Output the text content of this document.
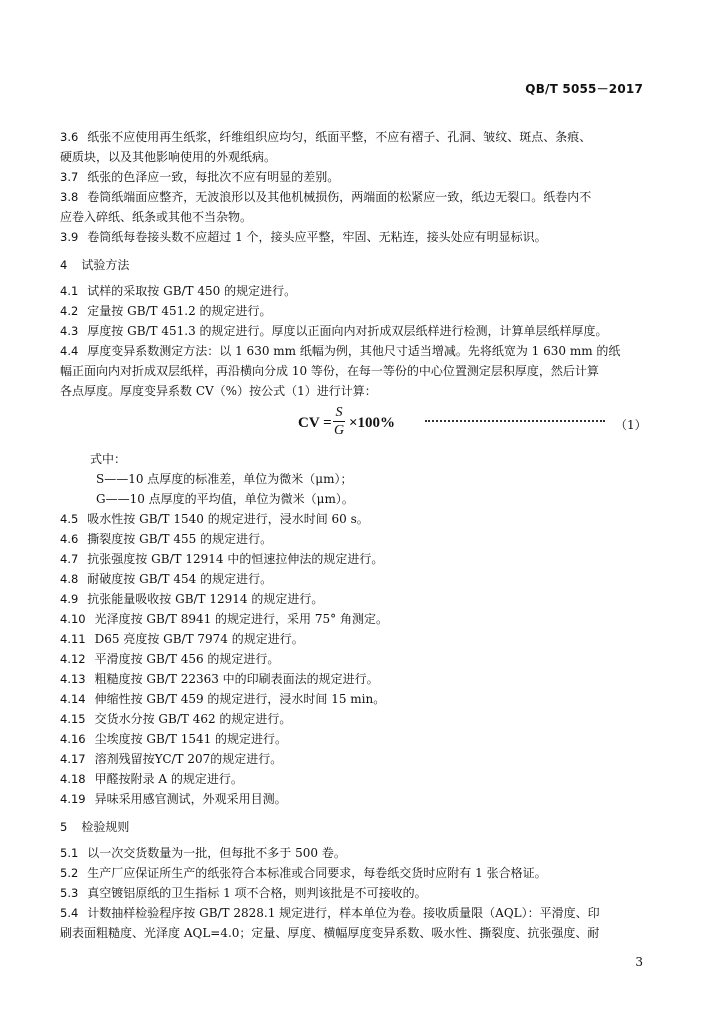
QB/T 5055－2017

3.6 纸张不应使用再生纸浆，纤维组织应均匀，纸面平整，不应有褶子、孔洞、皱纹、斑点、条痕、

硬质块，以及其他影响使用的外观纸病。

3.7 纸张的色泽应一致，每批次不应有明显的差别。

3.8 卷筒纸端面应整齐，无波浪形以及其他机械损伤，两端面的松紧应一致，纸边无裂口。纸卷内不

应卷入碎纸、纸条或其他不当杂物。

3.9 卷筒纸每卷接头数不应超过 1 个，接头应平整，牢固、无粘连，接头处应有明显标识。

4 试验方法

4.1 试样的采取按 GB/T 450 的规定进行。

4.2 定量按 GB/T 451.2 的规定进行。

4.3 厚度按 GB/T 451.3 的规定进行。厚度以正面向内对折成双层纸样进行检测，计算单层纸样厚度。

4.4 厚度变异系数测定方法：以 1 630 mm 纸幅为例，其他尺寸适当增减。先将纸宽为 1 630 mm 的纸

幅正面向内对折成双层纸样，再沿横向分成 10 等份，在每一等份的中心位置测定层积厚度，然后计算

各点厚度。厚度变异系数 CV（%）按公式（1）进行计算：

CV =
S
G ×100%	（1）

式中：

S——10 点厚度的标准差，单位为微米（μm）；

G——10 点厚度的平均值，单位为微米（μm）。

4.5 吸水性按 GB/T 1540 的规定进行，浸水时间 60 s。

4.6 撕裂度按 GB/T 455 的规定进行。

4.7 抗张强度按 GB/T 12914 中的恒速拉伸法的规定进行。

4.8 耐破度按 GB/T 454 的规定进行。

4.9 抗张能量吸收按 GB/T 12914 的规定进行。

4.10 光泽度按 GB/T 8941 的规定进行，采用 75° 角测定。

4.11 D65 亮度按 GB/T 7974 的规定进行。

4.12 平滑度按 GB/T 456 的规定进行。

4.13 粗糙度按 GB/T 22363 中的印刷表面法的规定进行。

4.14 伸缩性按 GB/T 459 的规定进行，浸水时间 15 min。

4.15 交货水分按 GB/T 462 的规定进行。

4.16 尘埃度按 GB/T 1541 的规定进行。

4.17 溶剂残留按YC/T 207的规定进行。

4.18 甲醛按附录 A 的规定进行。

4.19 异味采用感官测试，外观采用目测。

5 检验规则

5.1 以一次交货数量为一批，但每批不多于 500 卷。

5.2 生产厂应保证所生产的纸张符合本标准或合同要求，每卷纸交货时应附有 1 张合格证。

5.3 真空镀铝原纸的卫生指标 1 项不合格，则判该批是不可接收的。

5.4 计数抽样检验程序按 GB/T 2828.1 规定进行，样本单位为卷。接收质量限（AQL）：平滑度、印

刷表面粗糙度、光泽度 AQL=4.0；定量、厚度、横幅厚度变异系数、吸水性、撕裂度、抗张强度、耐

3
